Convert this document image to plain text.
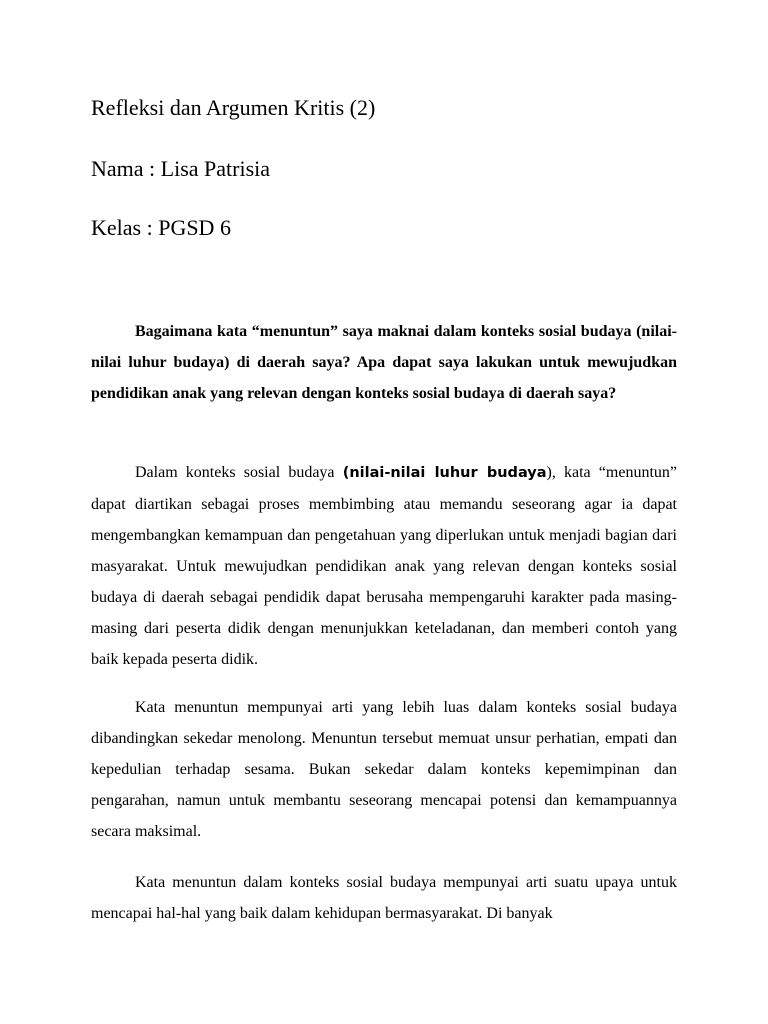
Refleksi dan Argumen Kritis (2)
Nama : Lisa Patrisia
Kelas : PGSD 6

Bagaimana kata “menuntun” saya maknai dalam konteks sosial budaya (nilai-nilai luhur budaya) di daerah saya? Apa dapat saya lakukan untuk mewujudkan pendidikan anak yang relevan dengan konteks sosial budaya di daerah saya?

Dalam konteks sosial budaya (nilai-nilai luhur budaya), kata “menuntun” dapat diartikan sebagai proses membimbing atau memandu seseorang agar ia dapat mengembangkan kemampuan dan pengetahuan yang diperlukan untuk menjadi bagian dari masyarakat. Untuk mewujudkan pendidikan anak yang relevan dengan konteks sosial budaya di daerah sebagai pendidik dapat berusaha mempengaruhi karakter pada masing-masing dari peserta didik dengan menunjukkan keteladanan, dan memberi contoh yang baik kepada peserta didik.

Kata menuntun mempunyai arti yang lebih luas dalam konteks sosial budaya dibandingkan sekedar menolong. Menuntun tersebut memuat unsur perhatian, empati dan kepedulian terhadap sesama. Bukan sekedar dalam konteks kepemimpinan dan pengarahan, namun untuk membantu seseorang mencapai potensi dan kemampuannya secara maksimal.

Kata menuntun dalam konteks sosial budaya mempunyai arti suatu upaya untuk mencapai hal-hal yang baik dalam kehidupan bermasyarakat. Di banyak
